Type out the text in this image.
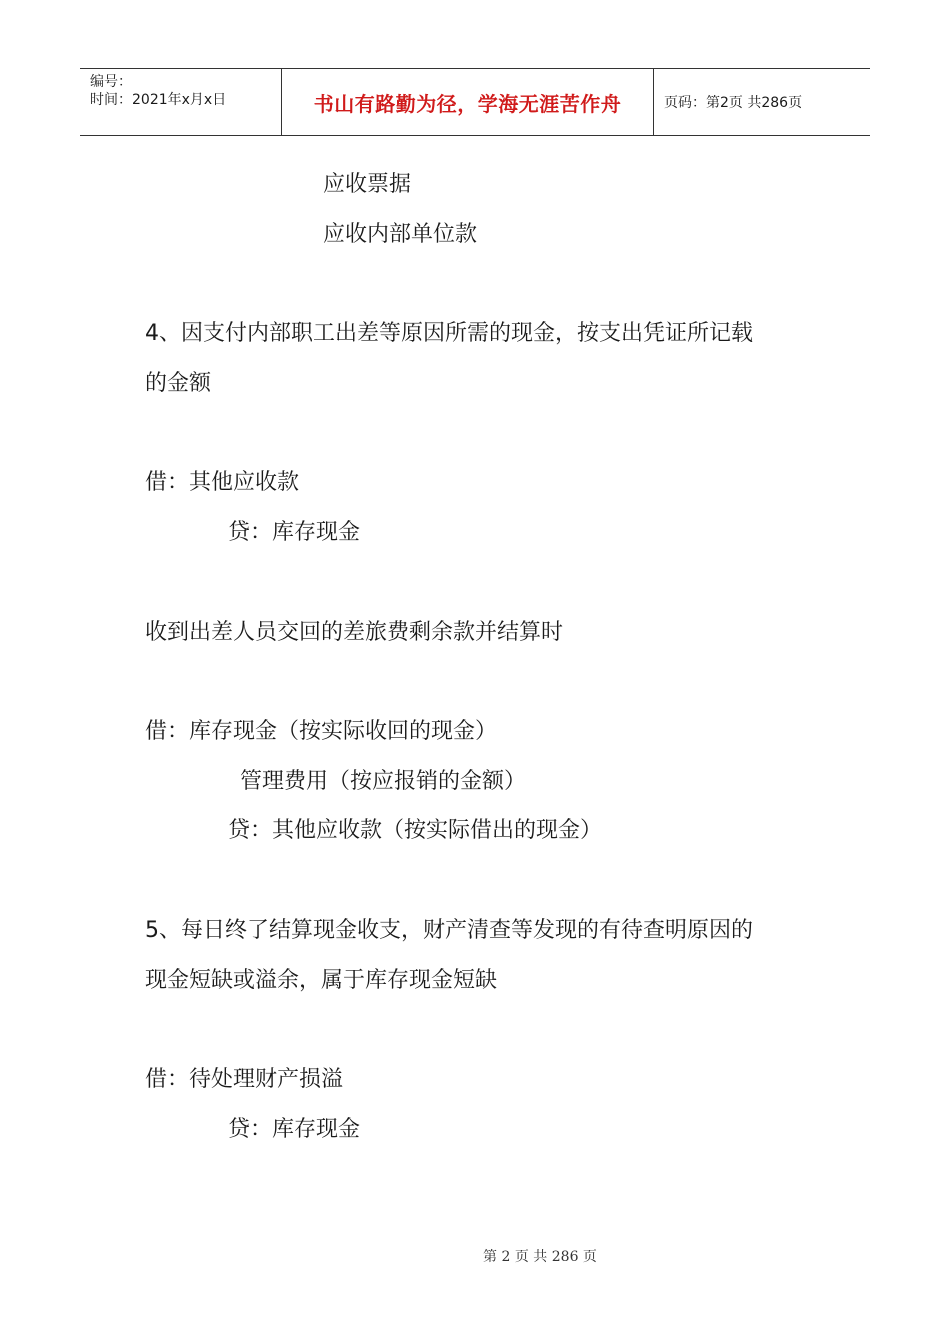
编号：
时间：2021年x月x日	书山有路勤为径，学海无涯苦作舟	页码：第2页 共286页
应收票据
应收内部单位款
4、因支付内部职工出差等原因所需的现金，按支出凭证所记载
的金额
借：其他应收款
贷：库存现金
收到出差人员交回的差旅费剩余款并结算时
借：库存现金（按实际收回的现金）
管理费用（按应报销的金额）
贷：其他应收款（按实际借出的现金）
5、每日终了结算现金收支，财产清查等发现的有待查明原因的
现金短缺或溢余，属于库存现金短缺
借：待处理财产损溢
贷：库存现金
第 2 页 共 286 页
